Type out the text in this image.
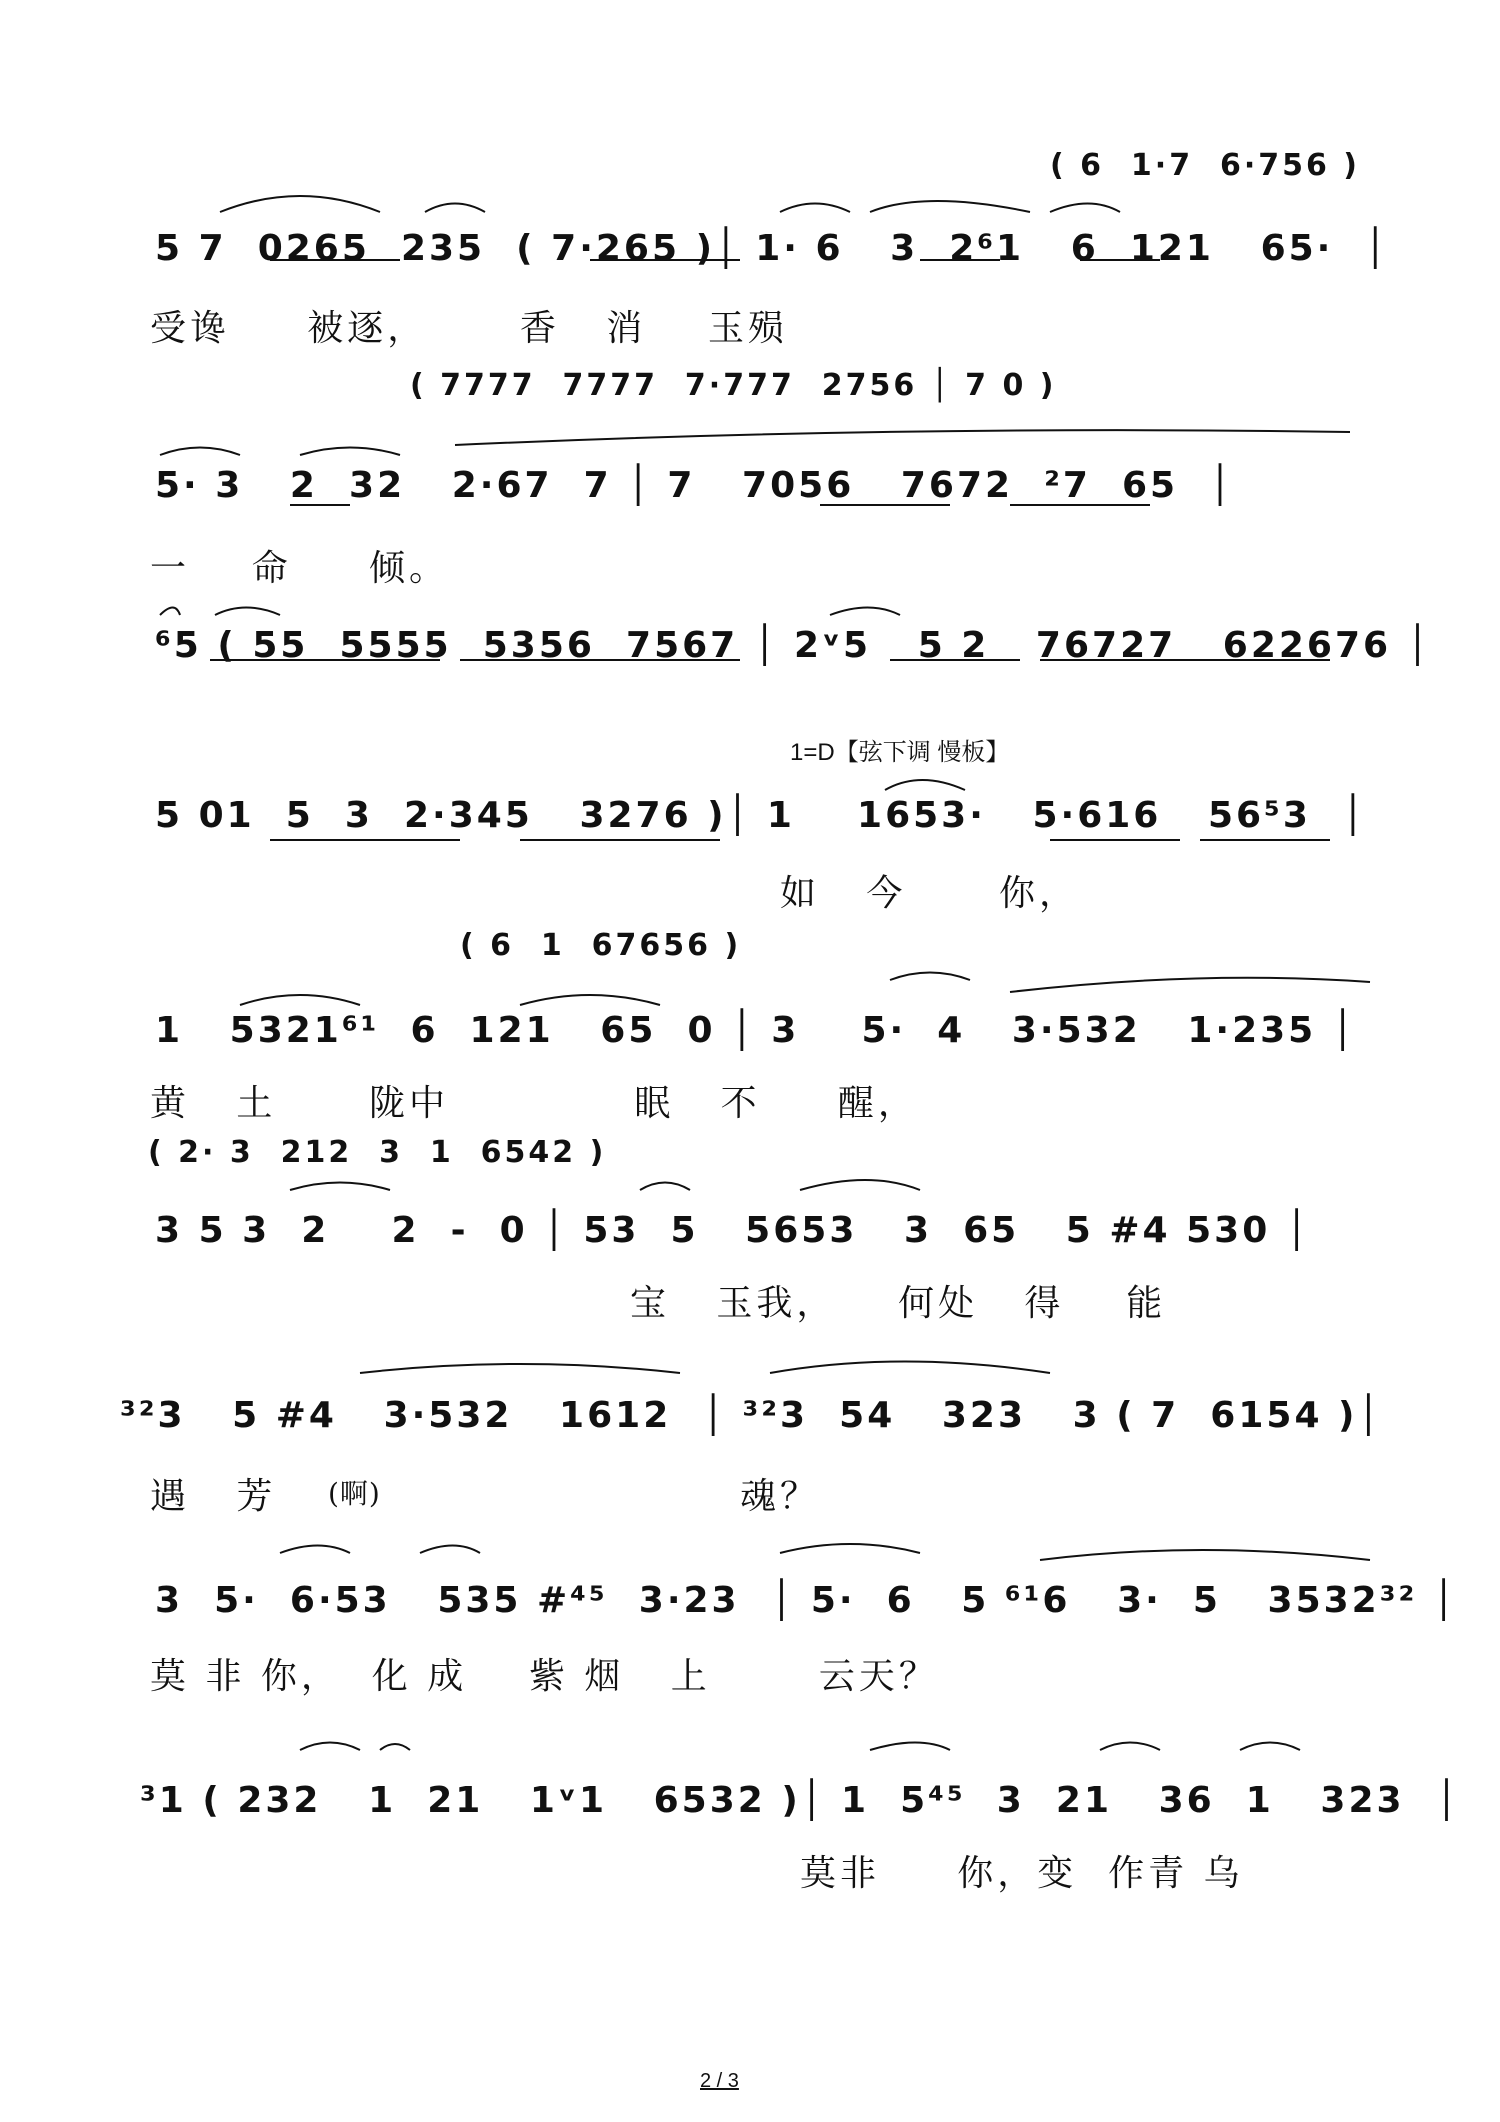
( 6  1·7  6·756 )
5 7  0265  235  ( 7·265 )│ 1· 6   3  2⁶1   6  121   65·  │
受谗     被逐，      香   消    玉殒
( 7777  7777  7·777  2756 │ 7 0 )
5· 3   2  32   2·67  7 │ 7   7056   7672  ²7  65  │
一    命     倾。
⁶5 ( 55  5555  5356  7567 │ 2ᵛ5   5 2   76727   622676 │
1=D【弦下调 慢板】
5 01  5  3  2·345   3276 )│ 1    1653·   5·616   56⁵3  │
如   今      你，
( 6  1  67656 )
1   5321⁶¹  6  121   65  0 │ 3    5·  4   3·532   1·235 │
黄   土      陇中            眠   不     醒，
( 2· 3  212  3  1  6542 )
3 5 3  2    2  -  0 │ 53  5   5653   3  65   5 #4 530 │
宝   玉我，    何处   得    能
³²3   5 #4   3·532   1612  │ ³²3  54   323   3 ( 7  6154 )│
遇   芳 (啊)	魂？
3  5·  6·53   535 #⁴⁵  3·23  │ 5·  6   5 ⁶¹6   3·  5   3532³² │
莫 非 你，  化 成    紫 烟   上       云天？
³1 ( 232   1  21   1ᵛ1   6532 )│ 1  5⁴⁵  3  21   36  1   323  │
莫非     你，变  作青 乌
2 / 3
